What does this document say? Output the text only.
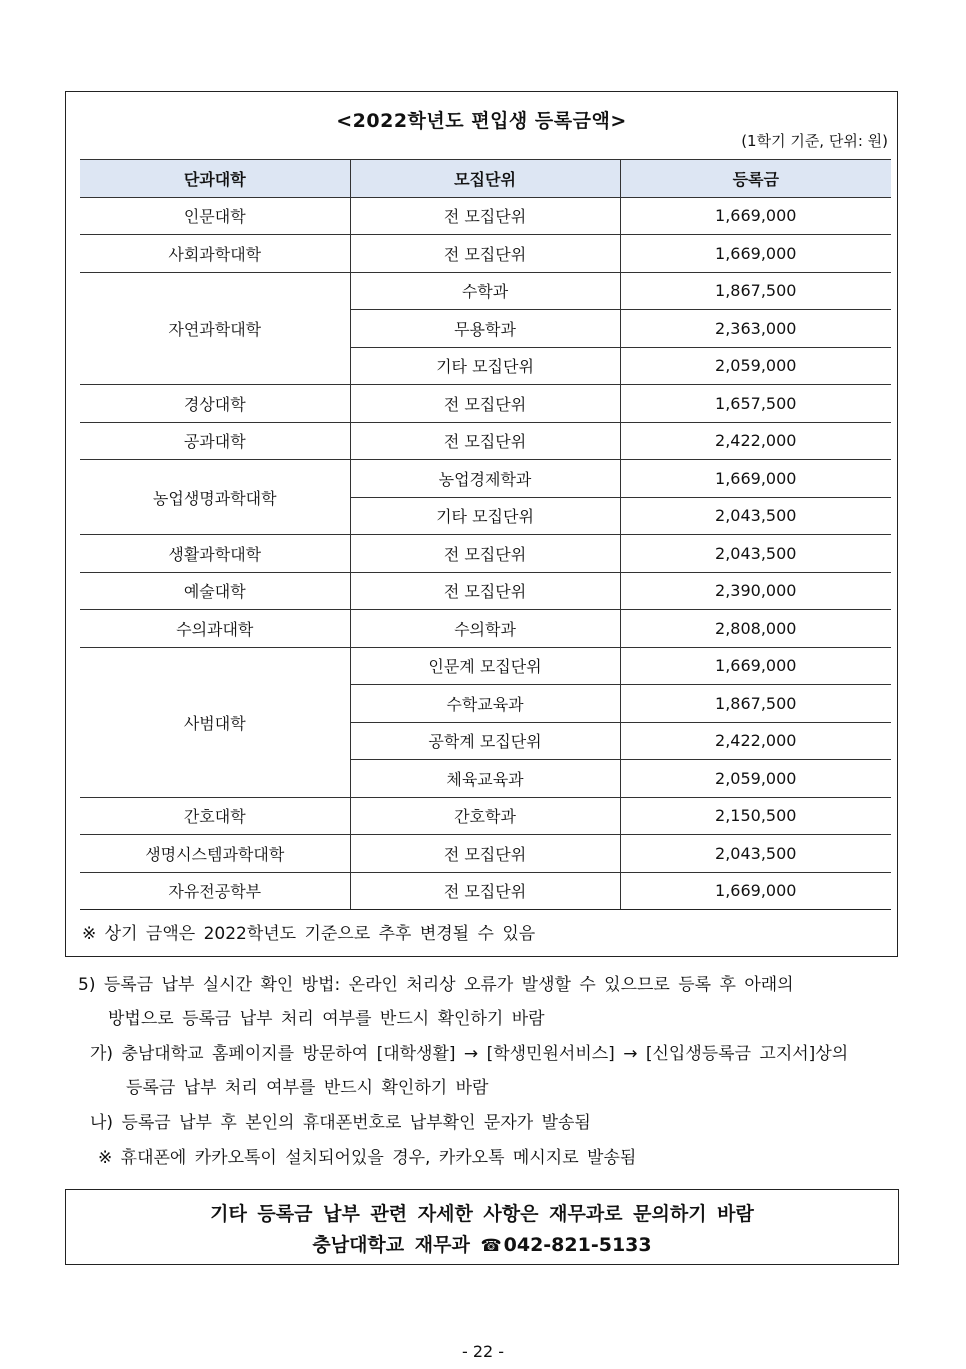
<2022학년도 편입생 등록금액>
(1학기 기준, 단위: 원)
단과대학	모집단위	등록금
인문대학	전 모집단위	1,669,000
사회과학대학	전 모집단위	1,669,000
자연과학대학	수학과	1,867,500
	무용학과	2,363,000
	기타 모집단위	2,059,000
경상대학	전 모집단위	1,657,500
공과대학	전 모집단위	2,422,000
농업생명과학대학	농업경제학과	1,669,000
	기타 모집단위	2,043,500
생활과학대학	전 모집단위	2,043,500
예술대학	전 모집단위	2,390,000
수의과대학	수의학과	2,808,000
사범대학	인문계 모집단위	1,669,000
	수학교육과	1,867,500
	공학계 모집단위	2,422,000
	체육교육과	2,059,000
간호대학	간호학과	2,150,500
생명시스템과학대학	전 모집단위	2,043,500
자유전공학부	전 모집단위	1,669,000
※ 상기 금액은 2022학년도 기준으로 추후 변경될 수 있음

5) 등록금 납부 실시간 확인 방법: 온라인 처리상 오류가 발생할 수 있으므로 등록 후 아래의

방법으로 등록금 납부 처리 여부를 반드시 확인하기 바람

가) 충남대학교 홈페이지를 방문하여 [대학생활] → [학생민원서비스] → [신입생등록금 고지서]상의

등록금 납부 처리 여부를 반드시 확인하기 바람

나) 등록금 납부 후 본인의 휴대폰번호로 납부확인 문자가 발송됨

※ 휴대폰에 카카오톡이 설치되어있을 경우, 카카오톡 메시지로 발송됨

기타 등록금 납부 관련 자세한 사항은 재무과로 문의하기 바람
충남대학교 재무과 ☎ 042-821-5133
- 22 -
